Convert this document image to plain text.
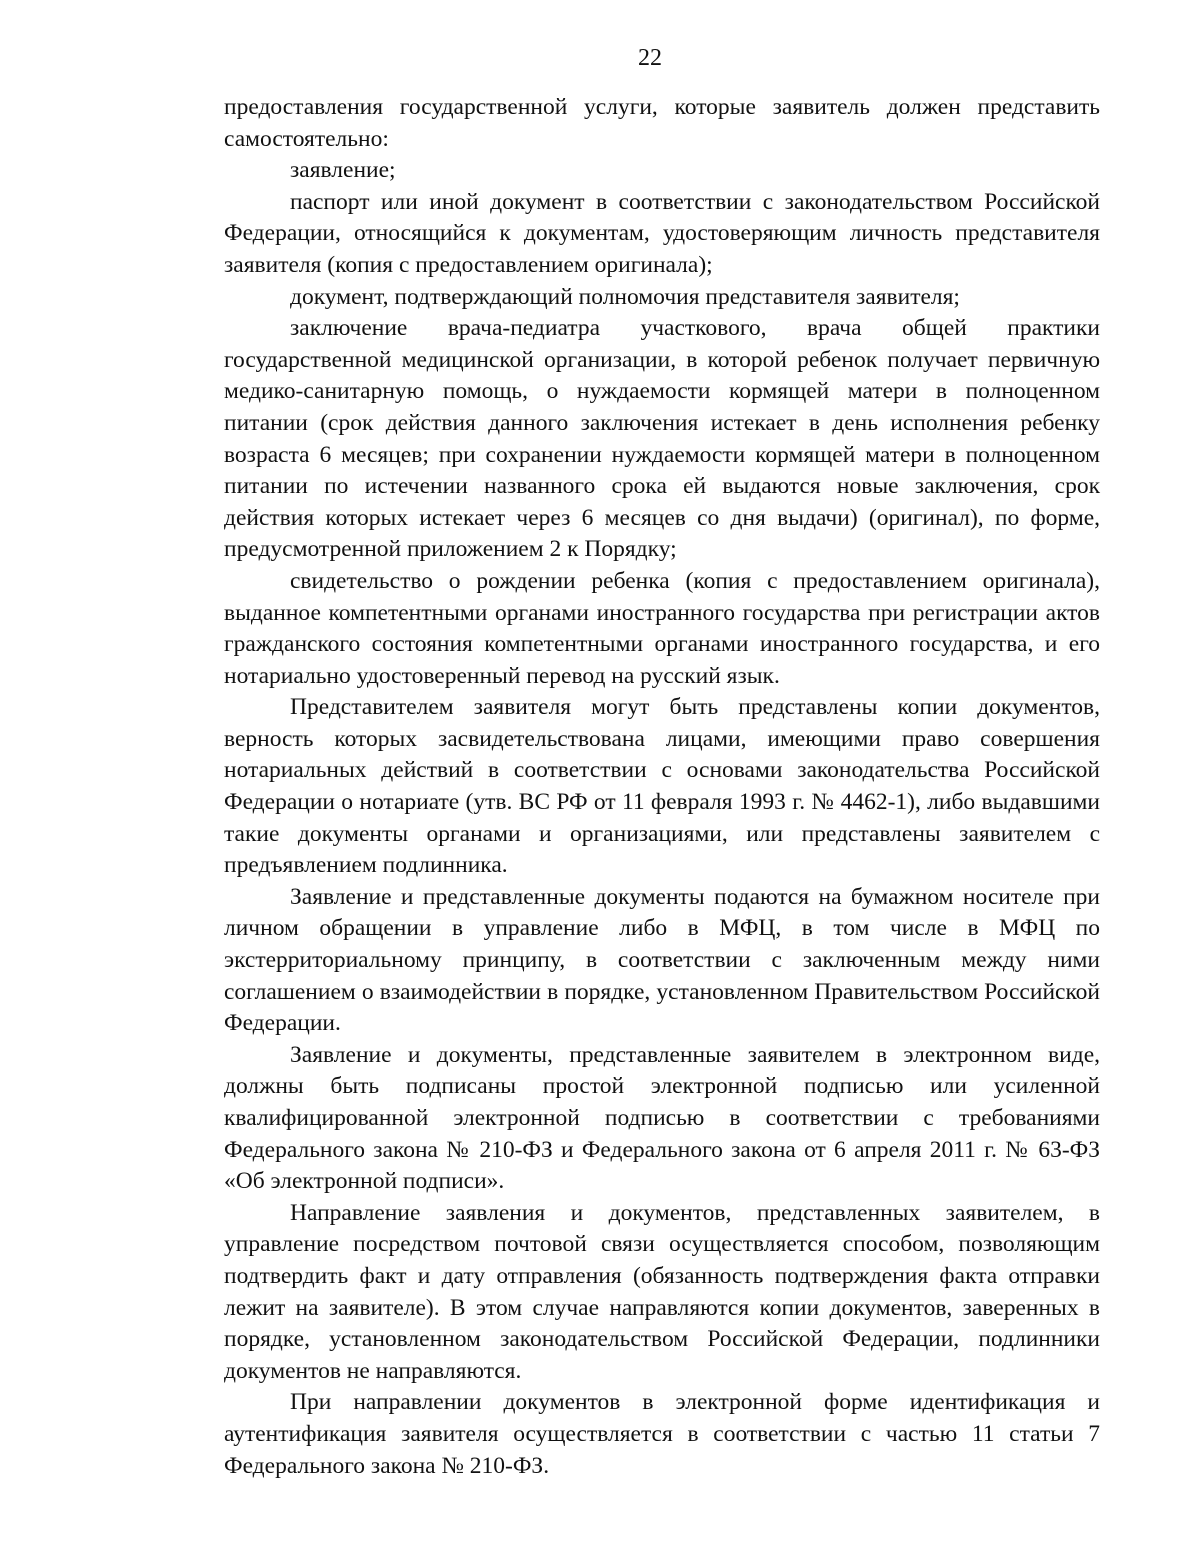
22

предоставления государственной услуги, которые заявитель должен представить самостоятельно:

заявление;

паспорт или иной документ в соответствии с законодательством Российской Федерации, относящийся к документам, удостоверяющим личность представителя заявителя (копия с предоставлением оригинала);

документ, подтверждающий полномочия представителя заявителя;

заключение врача-педиатра участкового, врача общей практики государственной медицинской организации, в которой ребенок получает первичную медико-санитарную помощь, о нуждаемости кормящей матери в полноценном питании (срок действия данного заключения истекает в день исполнения ребенку возраста 6 месяцев; при сохранении нуждаемости кормящей матери в полноценном питании по истечении названного срока ей выдаются новые заключения, срок действия которых истекает через 6 месяцев со дня выдачи) (оригинал), по форме, предусмотренной приложением 2 к Порядку;

свидетельство о рождении ребенка (копия с предоставлением оригинала), выданное компетентными органами иностранного государства при регистрации актов гражданского состояния компетентными органами иностранного государства, и его нотариально удостоверенный перевод на русский язык.

Представителем заявителя могут быть представлены копии документов, верность которых засвидетельствована лицами, имеющими право совершения нотариальных действий в соответствии с основами законодательства Российской Федерации о нотариате (утв. ВС РФ от 11 февраля 1993 г. № 4462-1), либо выдавшими такие документы органами и организациями, или представлены заявителем с предъявлением подлинника.

Заявление и представленные документы подаются на бумажном носителе при личном обращении в управление либо в МФЦ, в том числе в МФЦ по экстерриториальному принципу, в соответствии с заключенным между ними соглашением о взаимодействии в порядке, установленном Правительством Российской Федерации.

Заявление и документы, представленные заявителем в электронном виде, должны быть подписаны простой электронной подписью или усиленной квалифицированной электронной подписью в соответствии с требованиями Федерального закона № 210-ФЗ и Федерального закона от 6 апреля 2011 г. № 63-ФЗ «Об электронной подписи».

Направление заявления и документов, представленных заявителем, в управление посредством почтовой связи осуществляется способом, позволяющим подтвердить факт и дату отправления (обязанность подтверждения факта отправки лежит на заявителе). В этом случае направляются копии документов, заверенных в порядке, установленном законодательством Российской Федерации, подлинники документов не направляются.

При направлении документов в электронной форме идентификация и аутентификация заявителя осуществляется в соответствии с частью 11 статьи 7 Федерального закона № 210-ФЗ.
